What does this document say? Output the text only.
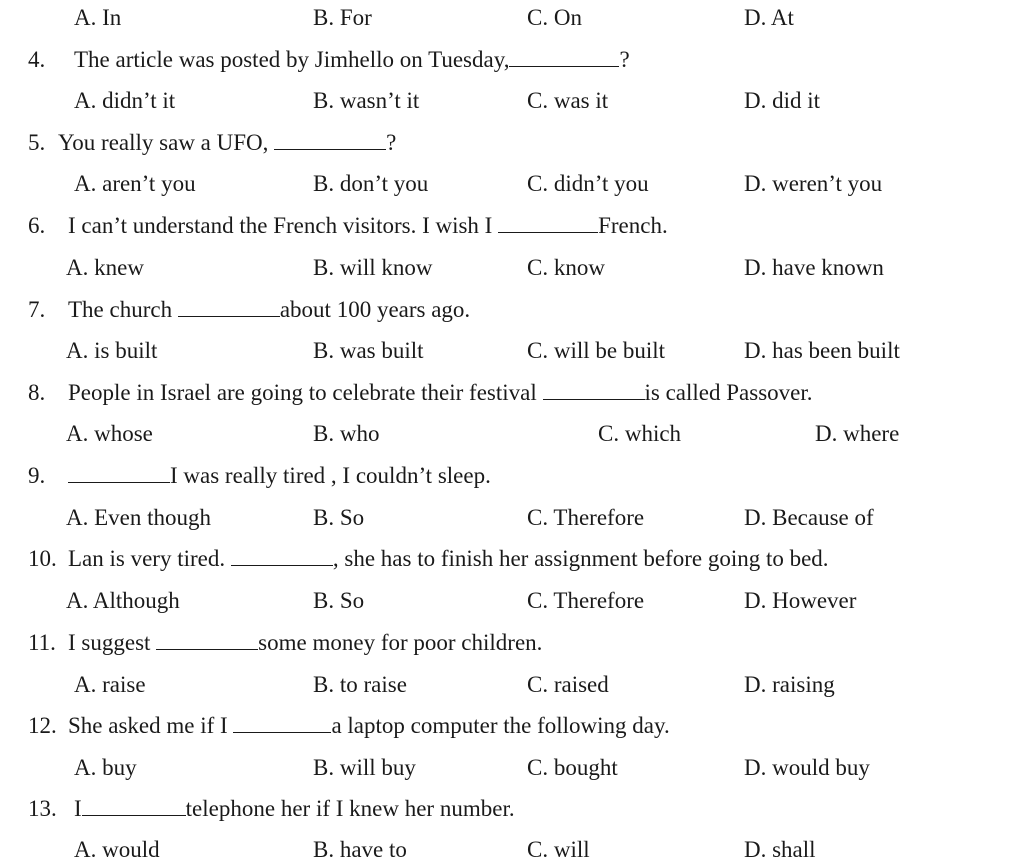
A. In	B. For	C. On	D. At
4. The article was posted by Jimhello on Tuesday,	?
A. didn’t it	B. wasn’t it	C. was it	D. did it
5. You really saw a UFO,	?
A. aren’t you	B. don’t you	C. didn’t you	D. weren’t you
6. I can’t understand the French visitors. I wish I	French.
A. knew	B. will know	C. know	D. have known
7. The church	about 100 years ago.
A. is built	B. was built	C. will be built	D. has been built
8. People in Israel are going to celebrate their festival	is called Passover.
A. whose	B. who	C. which	D. where
9.	I was really tired , I couldn’t sleep.
A. Even though	B. So	C. Therefore	D. Because of
10. Lan is very tired.	, she has to finish her assignment before going to bed.
A. Although	B. So	C. Therefore	D. However
11. I suggest	some money for poor children.
A. raise	B. to raise	C. raised	D. raising
12. She asked me if I	a laptop computer the following day.
A. buy	B. will buy	C. bought	D. would buy
13. I	telephone her if I knew her number.
A. would	B. have to	C. will	D. shall
